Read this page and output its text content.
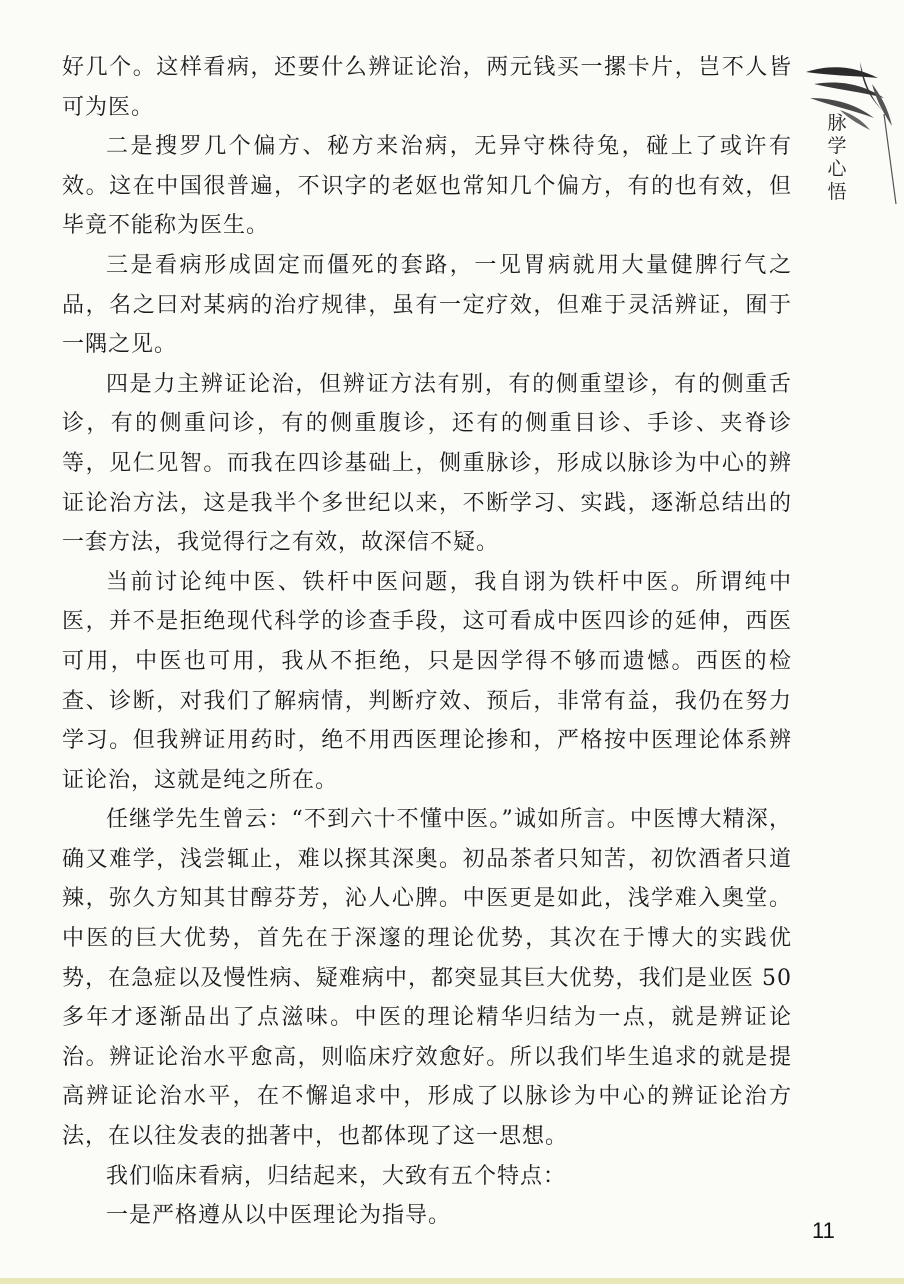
脉
学
心
悟

好几个。这样看病，还要什么辨证论治，两元钱买一摞卡片，岂不人皆可为医。

二是搜罗几个偏方、秘方来治病，无异守株待兔，碰上了或许有效。这在中国很普遍，不识字的老妪也常知几个偏方，有的也有效，但毕竟不能称为医生。

三是看病形成固定而僵死的套路，一见胃病就用大量健脾行气之品，名之曰对某病的治疗规律，虽有一定疗效，但难于灵活辨证，囿于一隅之见。

四是力主辨证论治，但辨证方法有别，有的侧重望诊，有的侧重舌诊，有的侧重问诊，有的侧重腹诊，还有的侧重目诊、手诊、夹脊诊等，见仁见智。而我在四诊基础上，侧重脉诊，形成以脉诊为中心的辨证论治方法，这是我半个多世纪以来，不断学习、实践，逐渐总结出的一套方法，我觉得行之有效，故深信不疑。

当前讨论纯中医、铁杆中医问题，我自诩为铁杆中医。所谓纯中医，并不是拒绝现代科学的诊查手段，这可看成中医四诊的延伸，西医可用，中医也可用，我从不拒绝，只是因学得不够而遗憾。西医的检查、诊断，对我们了解病情，判断疗效、预后，非常有益，我仍在努力学习。但我辨证用药时，绝不用西医理论掺和，严格按中医理论体系辨证论治，这就是纯之所在。

任继学先生曾云：“不到六十不懂中医。”诚如所言。中医博大精深，确又难学，浅尝辄止，难以探其深奥。初品茶者只知苦，初饮酒者只道辣，弥久方知其甘醇芬芳，沁人心脾。中医更是如此，浅学难入奥堂。中医的巨大优势，首先在于深邃的理论优势，其次在于博大的实践优势，在急症以及慢性病、疑难病中，都突显其巨大优势，我们是业医 50 多年才逐渐品出了点滋味。中医的理论精华归结为一点，就是辨证论治。辨证论治水平愈高，则临床疗效愈好。所以我们毕生追求的就是提高辨证论治水平，在不懈追求中，形成了以脉诊为中心的辨证论治方法，在以往发表的拙著中，也都体现了这一思想。

我们临床看病，归结起来，大致有五个特点：

一是严格遵从以中医理论为指导。

11
